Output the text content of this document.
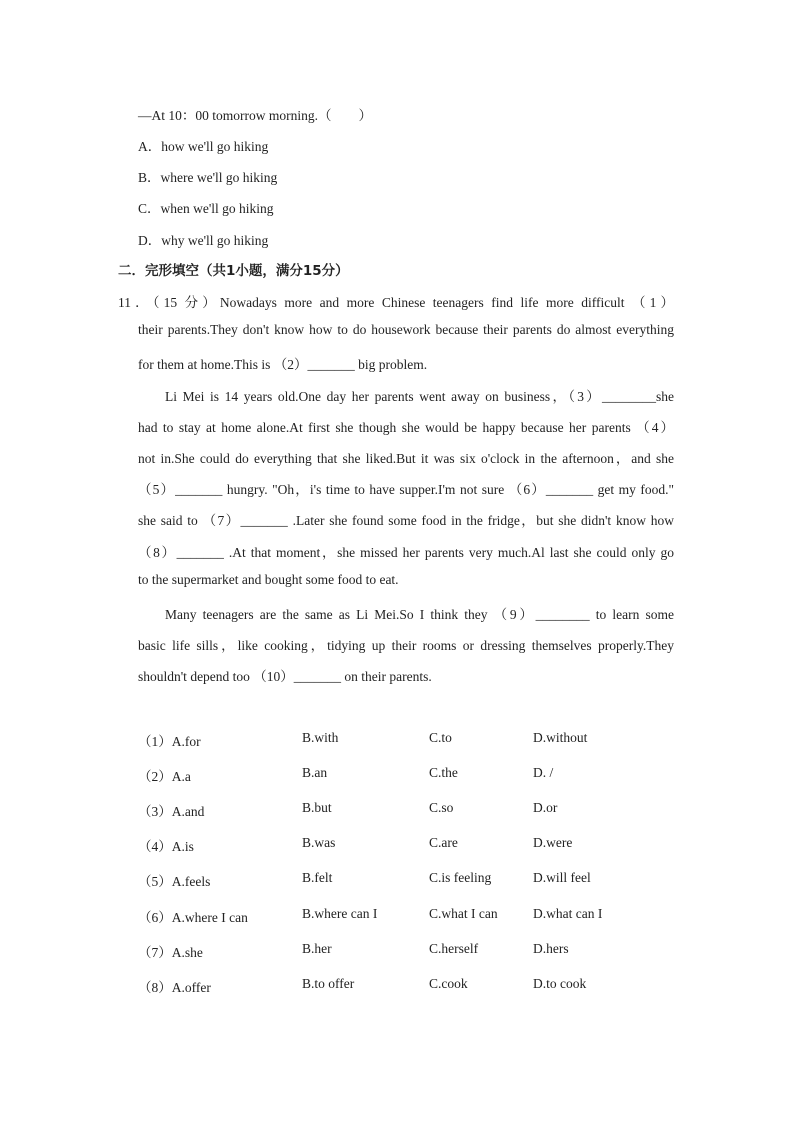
—At 10：00 tomorrow morning.（　　）
A．how we'll go hiking
B．where we'll go hiking
C．when we'll go hiking
D．why we'll go hiking
二．完形填空（共1小题，满分15分）
11．（15 分）Nowadays more and more Chinese teenagers find life more difficult （1）
their parents.They don't know how to do housework because their parents do almost everything
for them at home.This is （2）_______ big problem.
Li Mei is 14 years old.One day her parents went away on business，（3）________she
had to stay at home alone.At first she though she would be happy because her parents （4）
not in.She could do everything that she liked.But it was six o'clock in the afternoon，and she
（5）_______ hungry. "Oh，i's time to have supper.I'm not sure （6）_______ get my food."
she said to （7）_______ .Later she found some food in the fridge，but she didn't know how
（8）_______ .At that moment，she missed her parents very much.Al last she could only go
to the supermarket and bought some food to eat.
Many teenagers are the same as Li Mei.So I think they （9）________ to learn some
basic life sills，like cooking，tidying up their rooms or dressing themselves properly.They
shouldn't depend too （10）_______ on their parents.
（1）A.for	B.with	C.to	D.without
（2）A.a	B.an	C.the	D. /
（3）A.and	B.but	C.so	D.or
（4）A.is	B.was	C.are	D.were
（5）A.feels	B.felt	C.is feeling	D.will feel
（6）A.where I can	B.where can I	C.what I can	D.what can I
（7）A.she	B.her	C.herself	D.hers
（8）A.offer	B.to offer	C.cook	D.to cook
